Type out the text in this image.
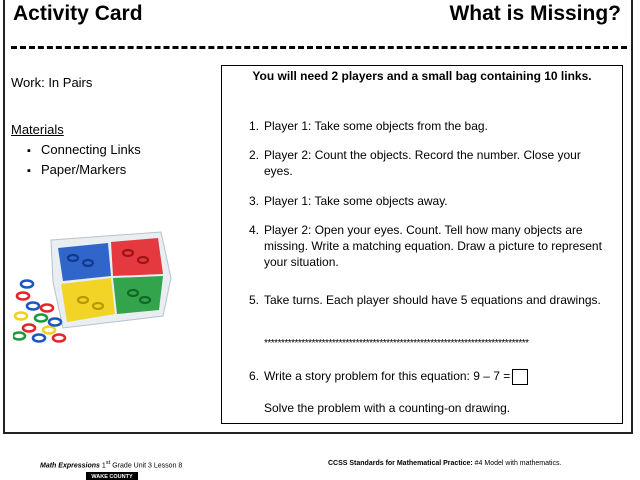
Activity Card	What is Missing?
Work: In Pairs
Materials
▪ Connecting Links
▪ Paper/Markers
You will need 2 players and a small bag containing 10 links.
1. Player 1: Take some objects from the bag.
2. Player 2: Count the objects. Record the number. Close your eyes.
3. Player 1: Take some objects away.
4. Player 2: Open your eyes. Count. Tell how many objects are missing. Write a matching equation. Draw a picture to represent your situation.
5. Take turns. Each player should have 5 equations and drawings.
******************************************************************************
6. Write a story problem for this equation: 9 – 7 =
Solve the problem with a counting-on drawing.
Math Expressions 1st Grade Unit 3 Lesson 8	CCSS Standards for Mathematical Practice: #4 Model with mathematics.
WAKE COUNTY
